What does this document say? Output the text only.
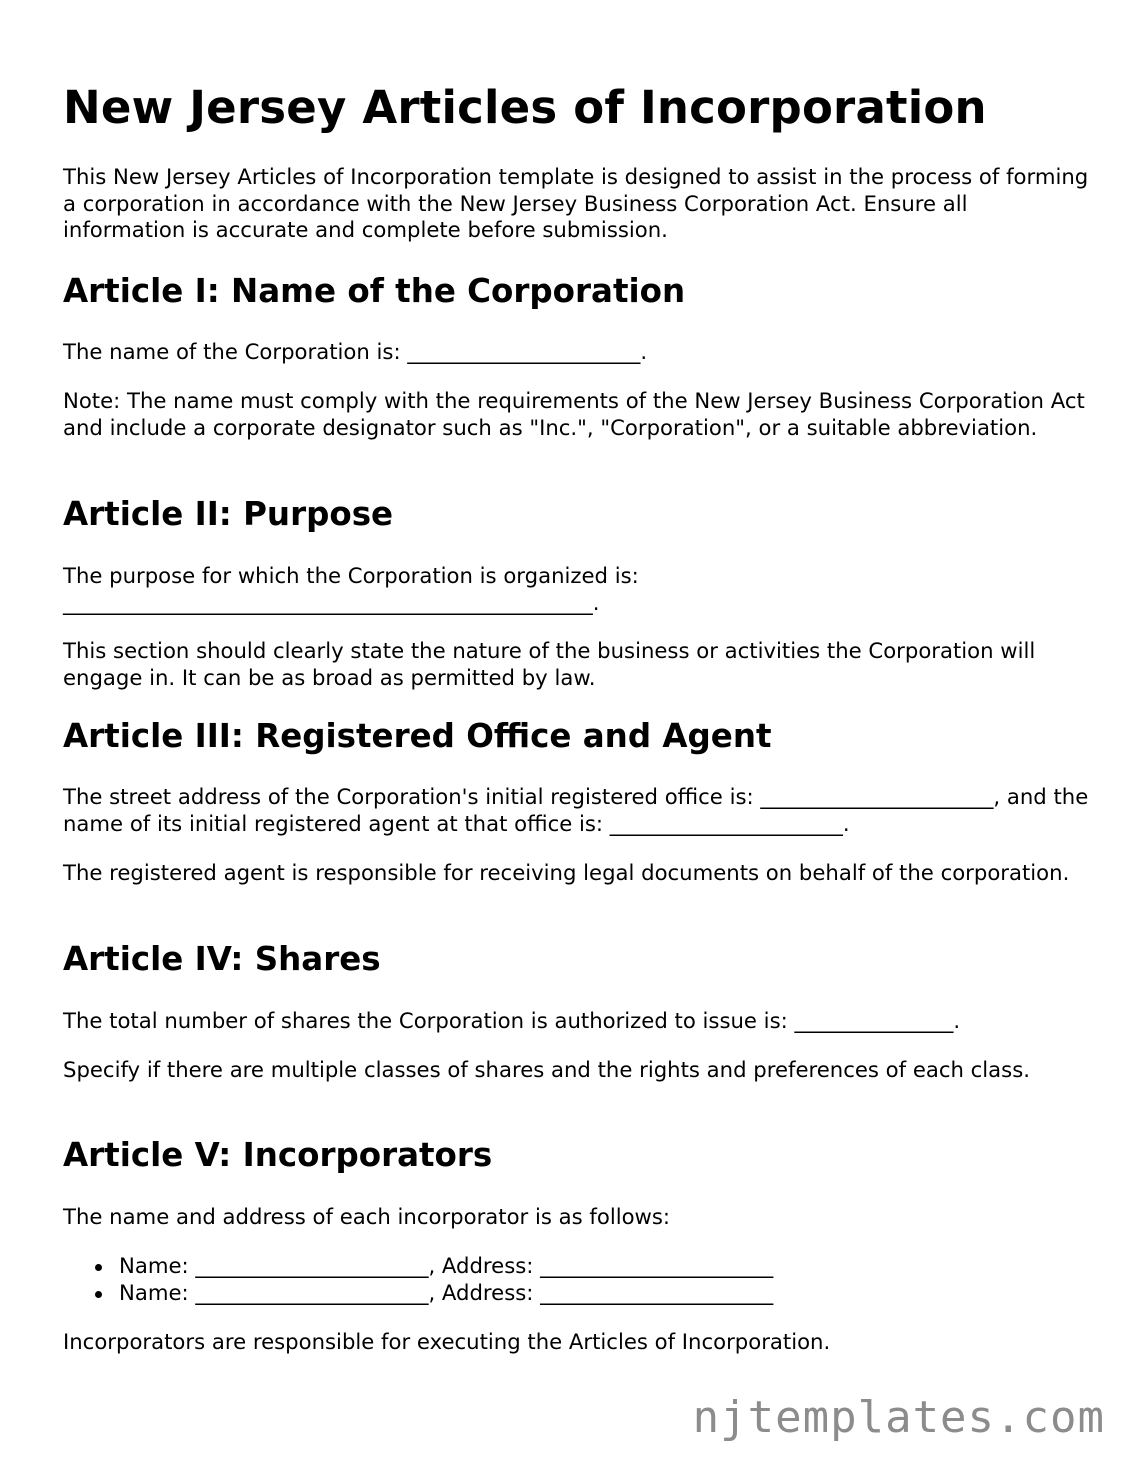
New Jersey Articles of Incorporation

This New Jersey Articles of Incorporation template is designed to assist in the process of forming a corporation in accordance with the New Jersey Business Corporation Act. Ensure all information is accurate and complete before submission.

Article I: Name of the Corporation

The name of the Corporation is: ______________________.

Note: The name must comply with the requirements of the New Jersey Business Corporation Act and include a corporate designator such as "Inc.", "Corporation", or a suitable abbreviation.

Article II: Purpose

The purpose for which the Corporation is organized is: __________________________________________________.

This section should clearly state the nature of the business or activities the Corporation will engage in. It can be as broad as permitted by law.

Article III: Registered Office and Agent

The street address of the Corporation's initial registered office is: ______________________, and the name of its initial registered agent at that office is: ______________________.

The registered agent is responsible for receiving legal documents on behalf of the corporation.

Article IV: Shares

The total number of shares the Corporation is authorized to issue is: _______________.

Specify if there are multiple classes of shares and the rights and preferences of each class.

Article V: Incorporators

The name and address of each incorporator is as follows:

Name: ______________________, Address: ______________________
Name: ______________________, Address: ______________________

Incorporators are responsible for executing the Articles of Incorporation.

njtemplates.com
